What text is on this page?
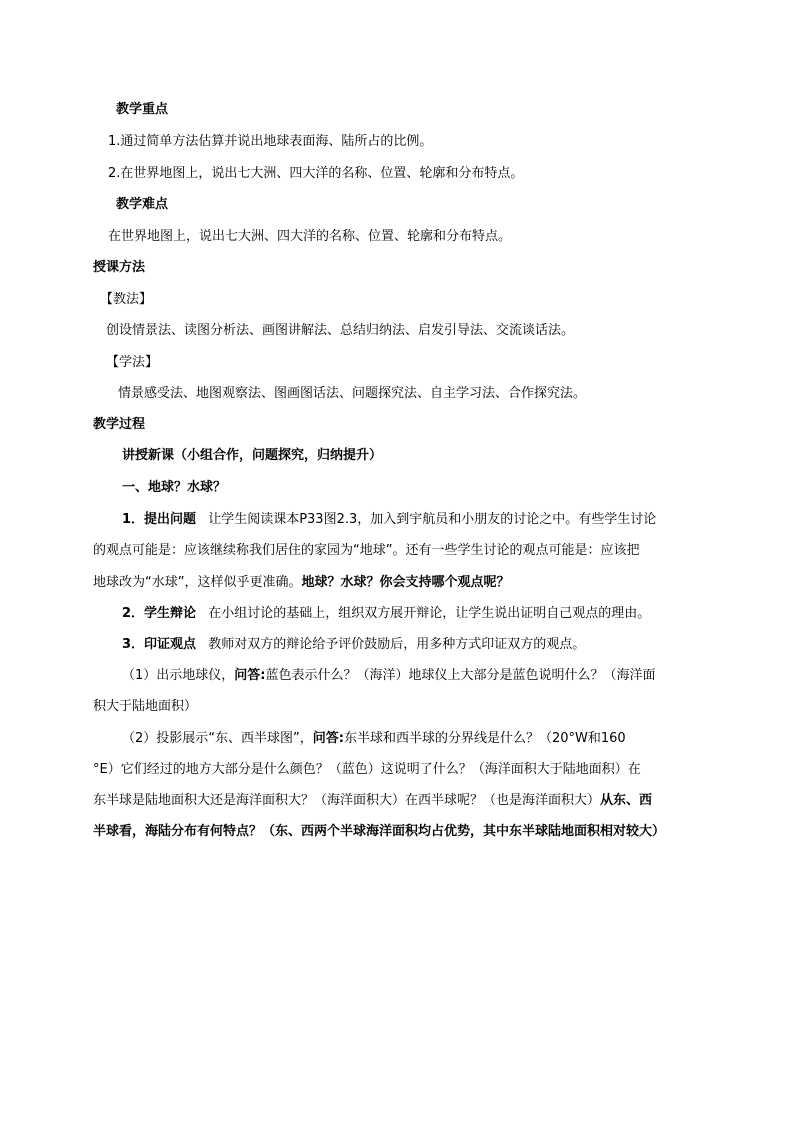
教学重点
1.通过简单方法估算并说出地球表面海、陆所占的比例。
2.在世界地图上，说出七大洲、四大洋的名称、位置、轮廓和分布特点。
教学难点
在世界地图上，说出七大洲、四大洋的名称、位置、轮廓和分布特点。
授课方法
【教法】
创设情景法、读图分析法、画图讲解法、总结归纳法、启发引导法、交流谈话法。
【学法】
情景感受法、地图观察法、图画图话法、问题探究法、自主学习法、合作探究法。
教学过程
讲授新课（小组合作，问题探究，归纳提升）
一、地球？水球？
1．提出问题 让学生阅读课本P33图2.3，加入到宇航员和小朋友的讨论之中。有些学生讨论
的观点可能是：应该继续称我们居住的家园为“地球”。还有一些学生讨论的观点可能是：应该把
地球改为“水球”，这样似乎更准确。地球？水球？你会支持哪个观点呢？
2．学生辩论 在小组讨论的基础上，组织双方展开辩论，让学生说出证明自己观点的理由。
3．印证观点 教师对双方的辩论给予评价鼓励后，用多种方式印证双方的观点。
（1）出示地球仪，问答:蓝色表示什么？（海洋）地球仪上大部分是蓝色说明什么？（海洋面
积大于陆地面积）
（2）投影展示“东、西半球图”，问答:东半球和西半球的分界线是什么？（20°W和160
°E）它们经过的地方大部分是什么颜色？（蓝色）这说明了什么？（海洋面积大于陆地面积）在
东半球是陆地面积大还是海洋面积大？（海洋面积大）在西半球呢？（也是海洋面积大）从东、西
半球看，海陆分布有何特点？（东、西两个半球海洋面积均占优势，其中东半球陆地面积相对较大）
